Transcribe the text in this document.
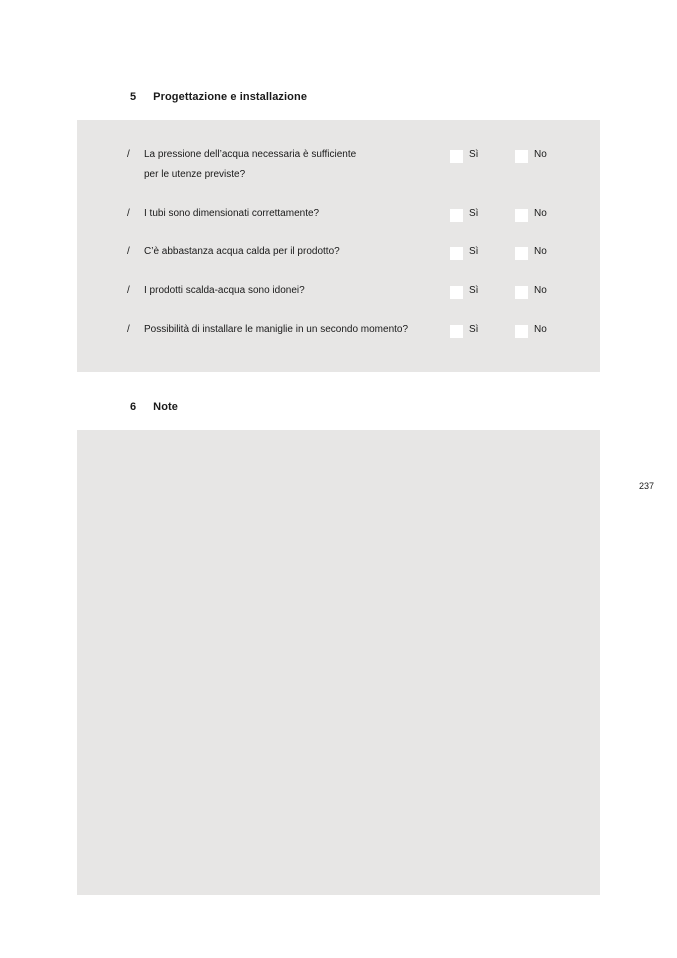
5 Progettazione e installazione
/ La pressione dell’acqua necessaria è sufficiente
per le utenze previste?
Sì	No
/ I tubi sono dimensionati correttamente?	Sì	No
/ C’è abbastanza acqua calda per il prodotto?	Sì	No
/ I prodotti scalda-acqua sono idonei?	Sì	No
/ Possibilità di installare le maniglie in un secondo momento?	Sì	No
6 Note
237
